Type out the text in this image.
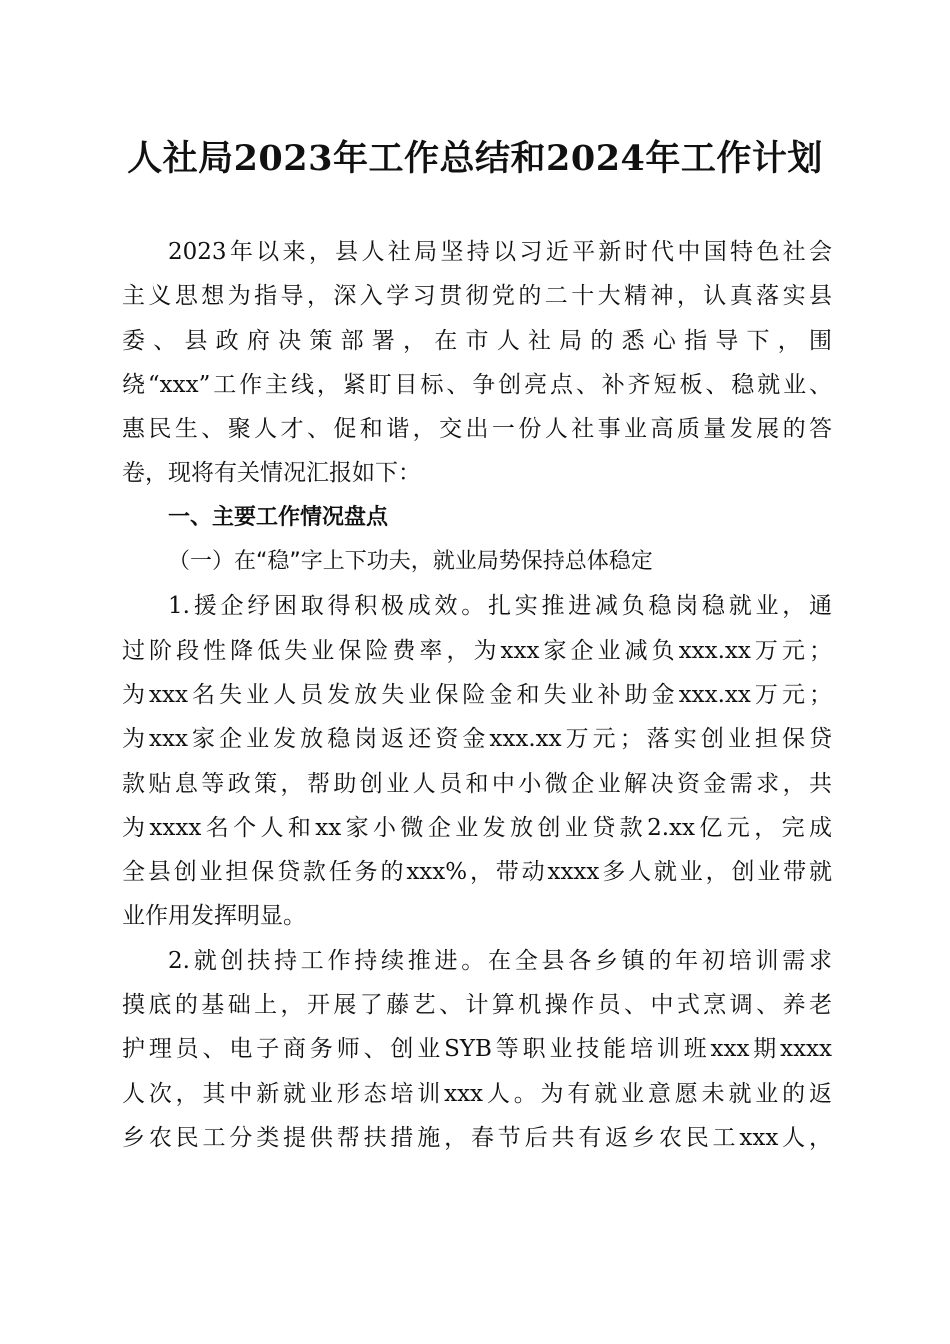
人社局2023年工作总结和2024年工作计划
2023年以来，县人社局坚持以习近平新时代中国特色社会
主义思想为指导，深入学习贯彻党的二十大精神，认真落实县
委、县政府决策部署，在市人社局的悉心指导下，围
绕“xxx”工作主线，紧盯目标、争创亮点、补齐短板、稳就业、
惠民生、聚人才、促和谐，交出一份人社事业高质量发展的答
卷，现将有关情况汇报如下：
一、主要工作情况盘点
（一）在“稳”字上下功夫，就业局势保持总体稳定
1.援企纾困取得积极成效。扎实推进减负稳岗稳就业，通
过阶段性降低失业保险费率，为xxx家企业减负xxx.xx万元；
为xxx名失业人员发放失业保险金和失业补助金xxx.xx万元；
为xxx家企业发放稳岗返还资金xxx.xx万元；落实创业担保贷
款贴息等政策，帮助创业人员和中小微企业解决资金需求，共
为xxxx名个人和xx家小微企业发放创业贷款2.xx亿元，完成
全县创业担保贷款任务的xxx%，带动xxxx多人就业，创业带就
业作用发挥明显。
2.就创扶持工作持续推进。在全县各乡镇的年初培训需求
摸底的基础上，开展了藤艺、计算机操作员、中式烹调、养老
护理员、电子商务师、创业SYB等职业技能培训班xxx期xxxx
人次，其中新就业形态培训xxx人。为有就业意愿未就业的返
乡农民工分类提供帮扶措施，春节后共有返乡农民工xxx人，
